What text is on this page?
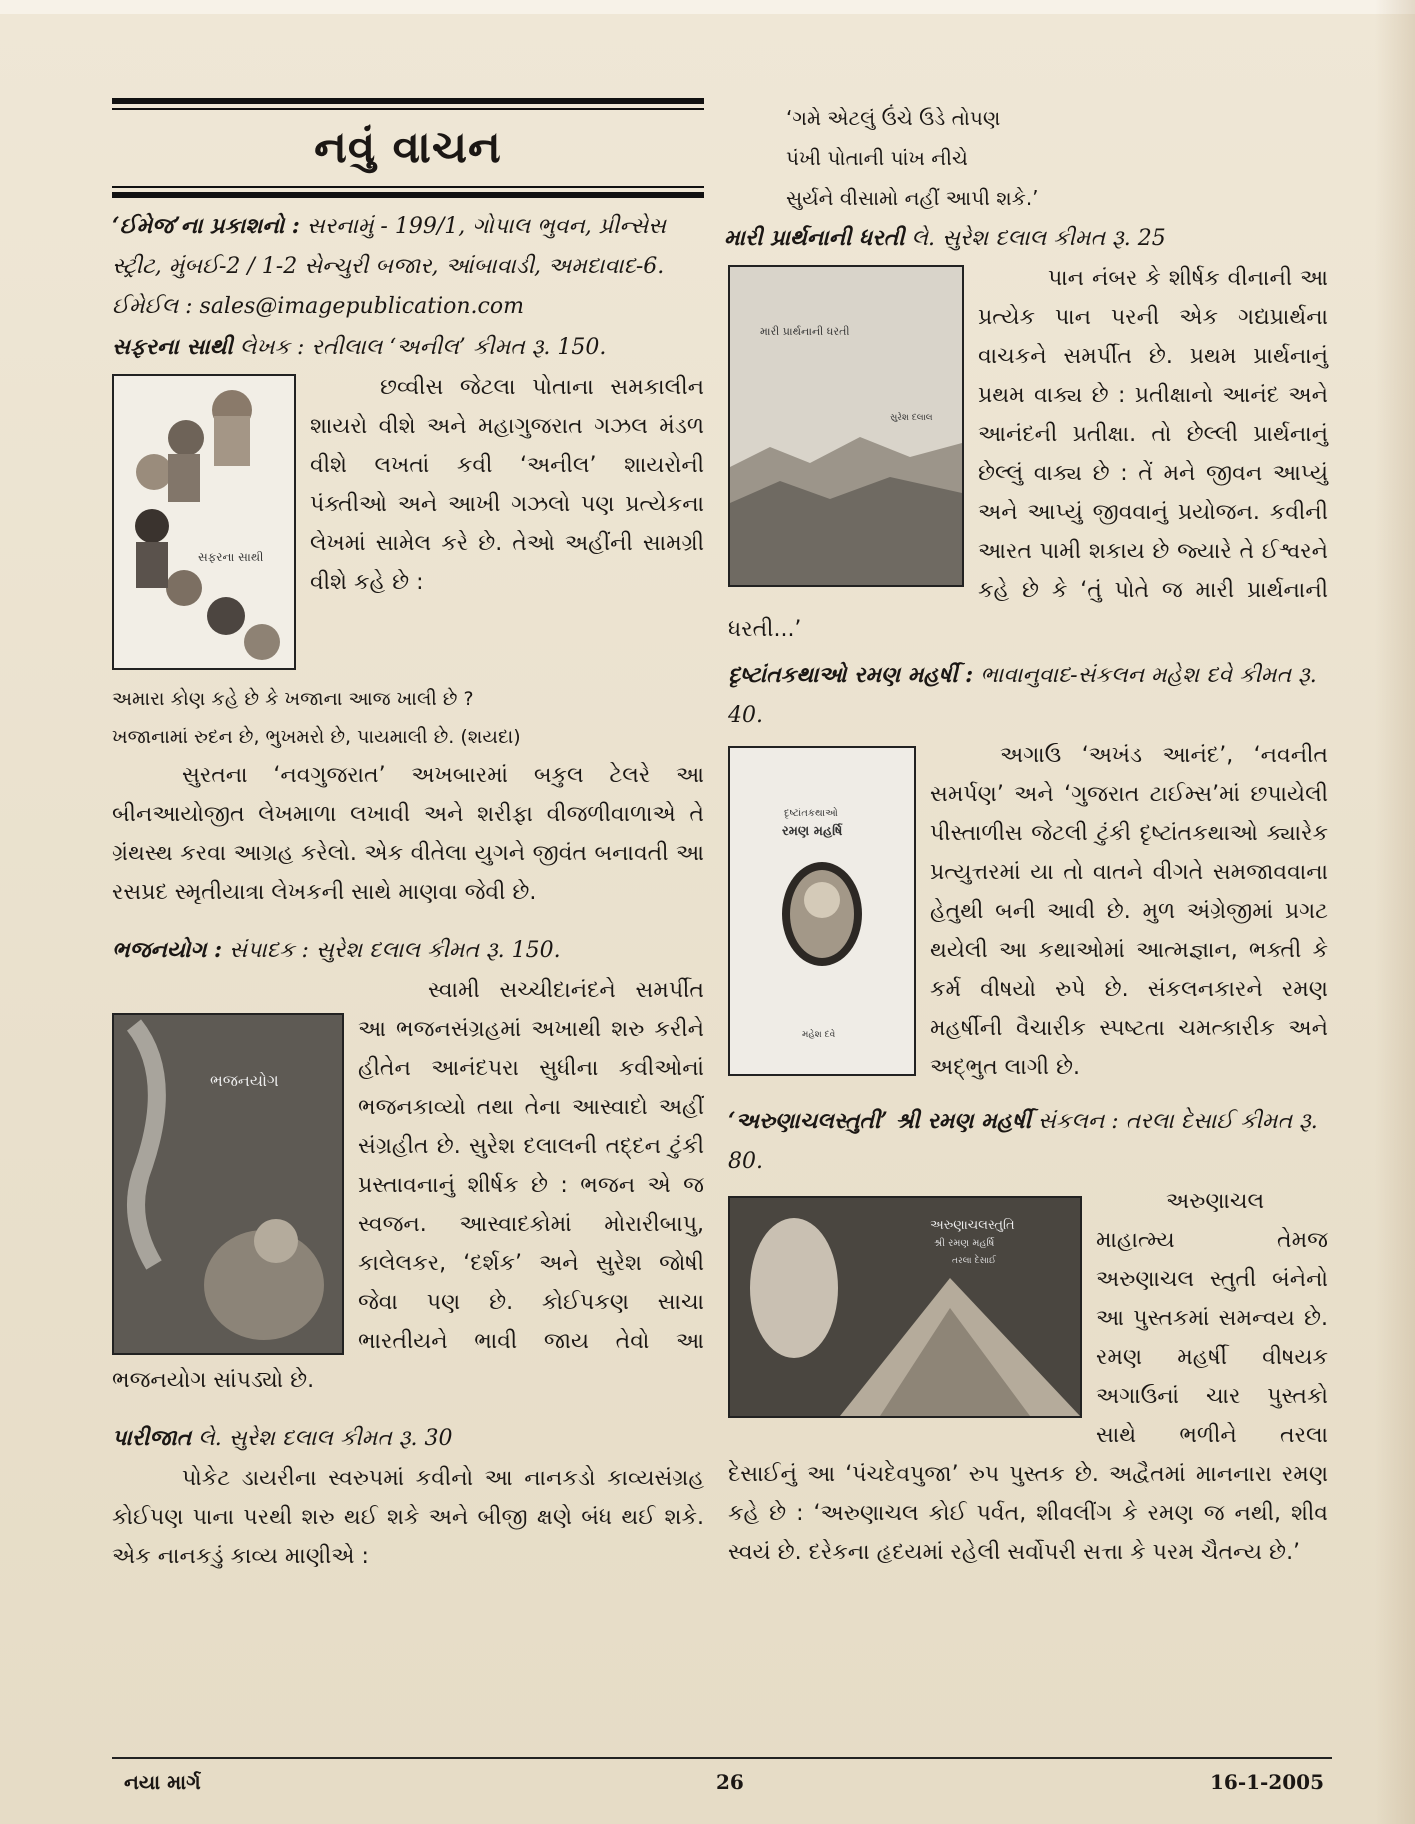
નવું વાચન

‘ઈમેજ’ના પ્રકાશનો : સરનામું - 199/1, ગોપાલ ભુવન, પ્રીન્સેસ સ્ટ્રીટ, મુંબઈ-2 / 1-2 સેન્ચુરી બજાર, આંબાવાડી, અમદાવાદ-6. ઈમેઈલ : sales@imagepublication.com

સફરના સાથી લેખક : રતીલાલ ‘અનીલ’ કીમત રૂ. 150.

સફરના સાથી

છવ્વીસ જેટલા પોતાના સમકાલીન શાયરો વીશે અને મહાગુજરાત ગઝલ મંડળ વીશે લખતાં કવી ‘અનીલ’ શાયરોની પંક્તીઓ અને આખી ગઝલો પણ પ્રત્યેકના લેખમાં સામેલ કરે છે. તેઓ અહીંની સામગ્રી વીશે કહે છે :

અમારા કોણ કહે છે કે ખજાના આજ ખાલી છે ?

ખજાનામાં રુદન છે, ભુખમરો છે, પાયમાલી છે. (શયદા)

સુરતના ‘નવગુજરાત’ અખબારમાં બકુલ ટેલરે આ બીનઆયોજીત લેખમાળા લખાવી અને શરીફા વીજળીવાળાએ તે ગ્રંથસ્થ કરવા આગ્રહ કરેલો. એક વીતેલા યુગને જીવંત બનાવતી આ રસપ્રદ સ્મૃતીયાત્રા લેખકની સાથે માણવા જેવી છે.

ભજનયોગ : સંપાદક : સુરેશ દલાલ કીમત રૂ. 150.

ભજનયોગ

સ્વામી સચ્ચીદાનંદને સમર્પીત આ ભજનસંગ્રહમાં અખાથી શરુ કરીને હીતેન આનંદપરા સુધીના કવીઓનાં ભજનકાવ્યો તથા તેના આસ્વાદો અહીં સંગ્રહીત છે. સુરેશ દલાલની તદ્દન ટુંકી પ્રસ્તાવનાનું શીર્ષક છે : ભજન એ જ સ્વજન. આસ્વાદકોમાં મોરારીબાપુ, કાલેલકર, ‘દર્શક’ અને સુરેશ જોષી જેવા પણ છે. કોઈપકણ સાચા ભારતીયને ભાવી જાય તેવો આ ભજનયોગ સાંપડ્યો છે.

પારીજાત લે. સુરેશ દલાલ કીમત રૂ. 30

પોકેટ ડાયરીના સ્વરુપમાં કવીનો આ નાનકડો કાવ્યસંગ્રહ કોઈપણ પાના પરથી શરુ થઈ શકે અને બીજી ક્ષણે બંધ થઈ શકે. એક નાનકડું કાવ્ય માણીએ :

‘ગમે એટલું ઉંચે ઉડે તોપણ

પંખી પોતાની પાંખ નીચે

સુર્યને વીસામો નહીં આપી શકે.’

મારી પ્રાર્થનાની ધરતી લે. સુરેશ દલાલ કીમત રૂ. 25

મારી પ્રાર્થનાની ધરતી
સુરેશ દલાલ

પાન નંબર કે શીર્ષક વીનાની આ પ્રત્યેક પાન પરની એક ગદ્યપ્રાર્થના વાચકને સમર્પીત છે. પ્રથમ પ્રાર્થનાનું પ્રથમ વાક્ય છે : પ્રતીક્ષાનો આનંદ અને આનંદની પ્રતીક્ષા. તો છેલ્લી પ્રાર્થનાનું છેલ્લું વાક્ય છે : તેં મને જીવન આપ્યું અને આપ્યું જીવવાનું પ્રયોજન. કવીની આરત પામી શકાય છે જ્યારે તે ઈશ્વરને કહે છે કે ‘તું પોતે જ મારી પ્રાર્થનાની ધરતી...’

દૃષ્ટાંતકથાઓ રમણ મહર્ષી : ભાવાનુવાદ-સંકલન મહેશ દવે કીમત રૂ. 40.

દૃષ્ટાંતકથાઓ
રમણ મહર્ષિ
મહેશ દવે

અગાઉ ‘અખંડ આનંદ’, ‘નવનીત સમર્પણ’ અને ‘ગુજરાત ટાઈમ્સ’માં છપાયેલી પીસ્તાળીસ જેટલી ટુંકી દૃષ્ટાંતકથાઓ ક્યારેક પ્રત્યુત્તરમાં યા તો વાતને વીગતે સમજાવવાના હેતુથી બની આવી છે. મુળ અંગ્રેજીમાં પ્રગટ થયેલી આ કથાઓમાં આત્મજ્ઞાન, ભક્તી કે કર્મ વીષયો રુપે છે. સંકલનકારને રમણ મહર્ષીની વૈચારીક સ્પષ્ટતા ચમત્કારીક અને અદ્ભુત લાગી છે.

‘અરુણાચલસ્તુતી’ શ્રી રમણ મહર્ષી સંકલન : તરલા દેસાઈ કીમત રૂ. 80.

અરુણાચલસ્તુતિ
શ્રી રમણ મહર્ષિ
તરલા દેસાઈ

અરુણાચલ માહાત્મ્ય તેમજ અરુણાચલ સ્તુતી બંનેનો આ પુસ્તકમાં સમન્વય છે. રમણ મહર્ષી વીષયક અગાઉનાં ચાર પુસ્તકો સાથે ભળીને તરલા દેસાઈનું આ ‘પંચદેવપુજા’ રુપ પુસ્તક છે. અદ્વૈતમાં માનનારા રમણ કહે છે : ‘અરુણાચલ કોઈ પર્વત, શીવલીંગ કે રમણ જ નથી, શીવ સ્વયં છે. દરેકના હૃદયમાં રહેલી સર્વોપરી સત્તા કે પરમ ચૈતન્ય છે.’

નયા માર્ગ	26	16-1-2005
